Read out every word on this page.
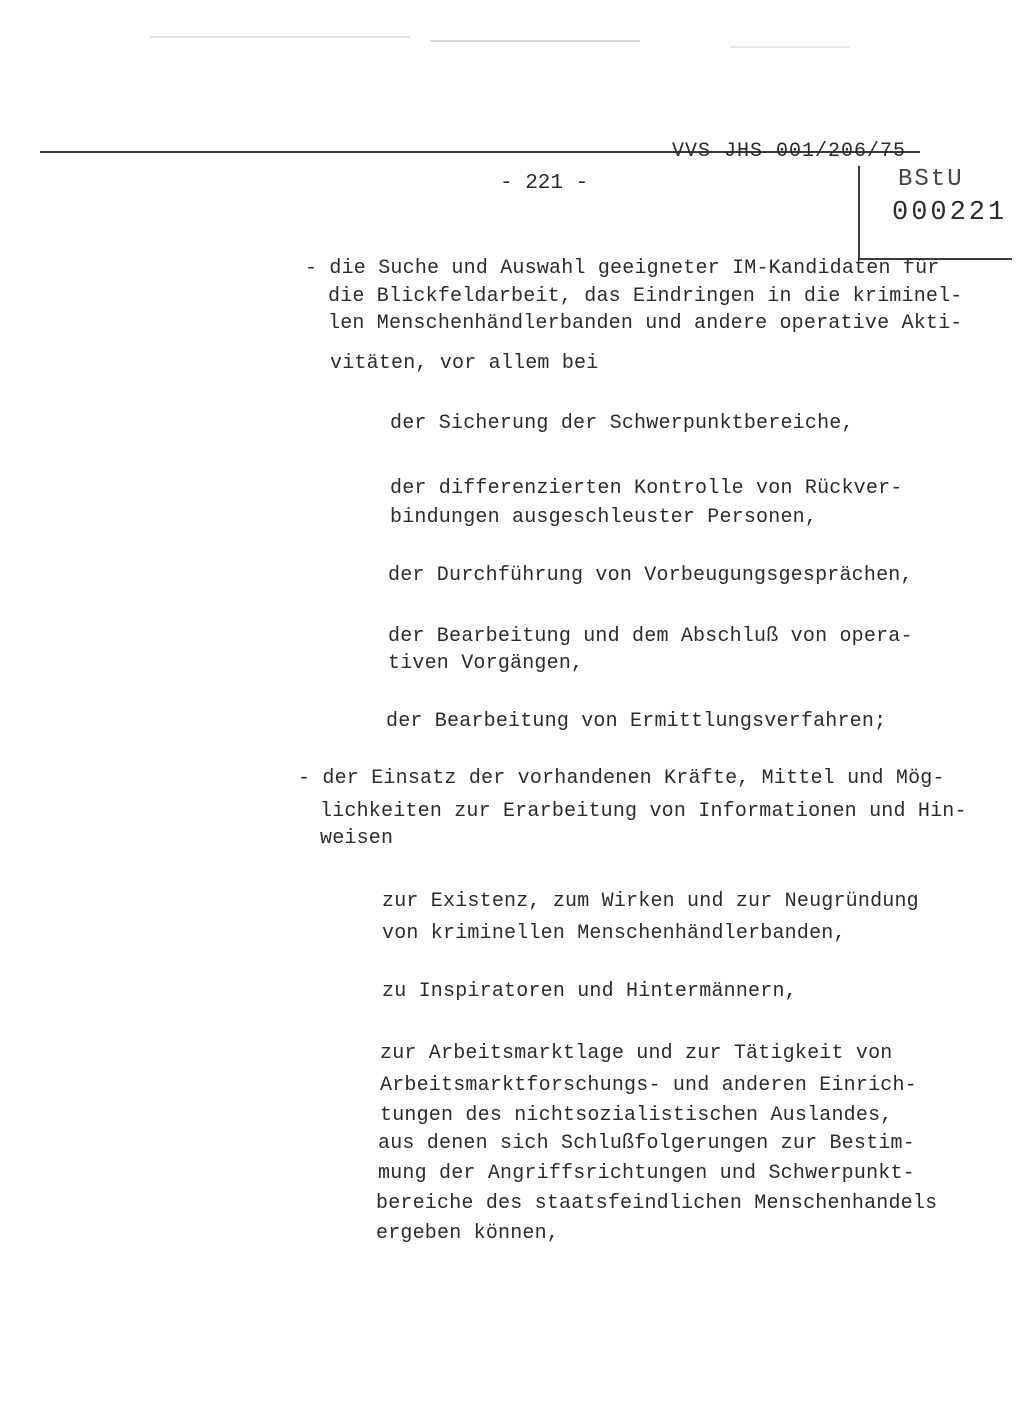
VVS JHS 001/206/75
- 221 -	BStU
000221
- die Suche und Auswahl geeigneter IM-Kandidaten für
die Blickfeldarbeit, das Eindringen in die kriminel-
len Menschenhändlerbanden und andere operative Akti-
vitäten, vor allem bei
der Sicherung der Schwerpunktbereiche,
der differenzierten Kontrolle von Rückver-
bindungen ausgeschleuster Personen,
der Durchführung von Vorbeugungsgesprächen,
der Bearbeitung und dem Abschluß von opera-
tiven Vorgängen,
der Bearbeitung von Ermittlungsverfahren;
- der Einsatz der vorhandenen Kräfte, Mittel und Mög-
lichkeiten zur Erarbeitung von Informationen und Hin-
weisen
zur Existenz, zum Wirken und zur Neugründung
von kriminellen Menschenhändlerbanden,
zu Inspiratoren und Hintermännern,
zur Arbeitsmarktlage und zur Tätigkeit von
Arbeitsmarktforschungs- und anderen Einrich-
tungen des nichtsozialistischen Auslandes,
aus denen sich Schlußfolgerungen zur Bestim-
mung der Angriffsrichtungen und Schwerpunkt-
bereiche des staatsfeindlichen Menschenhandels
ergeben können,
